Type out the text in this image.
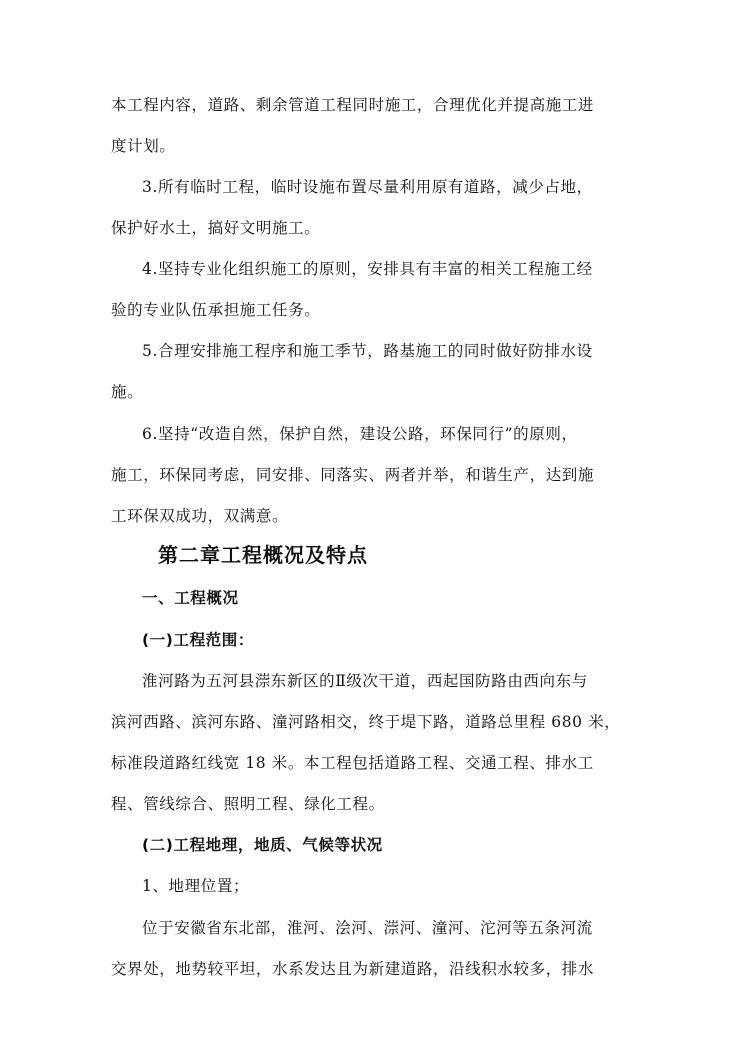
本工程内容，道路、剩余管道工程同时施工，合理优化并提高施工进
度计划。
3.所有临时工程，临时设施布置尽量利用原有道路，减少占地，
保护好水土，搞好文明施工。
4.坚持专业化组织施工的原则，安排具有丰富的相关工程施工经
验的专业队伍承担施工任务。
5.合理安排施工程序和施工季节，路基施工的同时做好防排水设
施。
6.坚持“改造自然，保护自然，建设公路，环保同行”的原则，
施工，环保同考虑，同安排、同落实、两者并举，和谐生产，达到施
工环保双成功，双满意。
第二章工程概况及特点
一、工程概况
(一)工程范围：
淮河路为五河县漴东新区的Ⅱ级次干道，西起国防路由西向东与
滨河西路、滨河东路、潼河路相交，终于堤下路，道路总里程 680 米，
标准段道路红线宽 18 米。本工程包括道路工程、交通工程、排水工
程、管线综合、照明工程、绿化工程。
(二)工程地理，地质、气候等状况
1、地理位置；
位于安徽省东北部，淮河、浍河、漴河、潼河、沱河等五条河流
交界处，地势较平坦，水系发达且为新建道路，沿线积水较多，排水
